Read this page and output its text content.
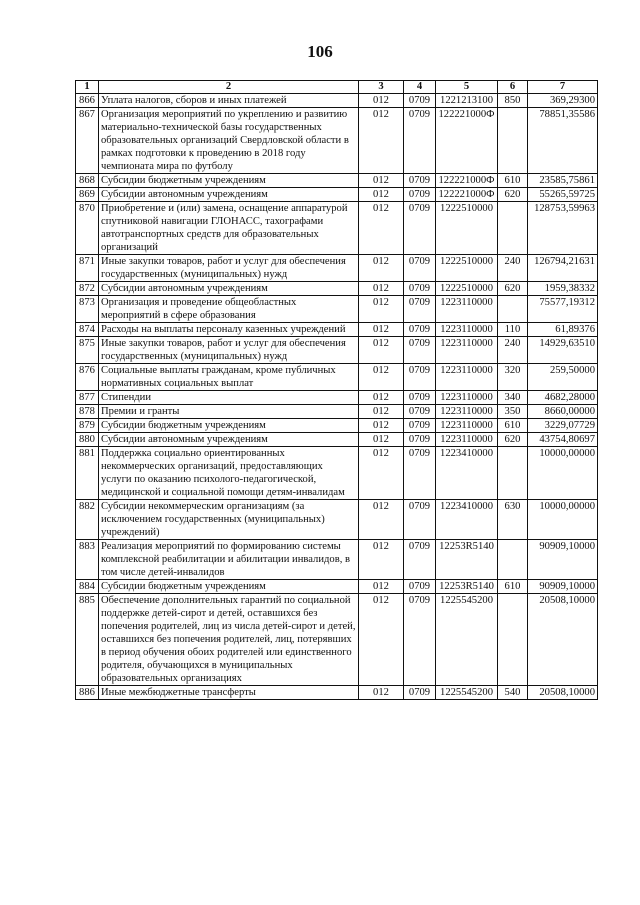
106
1	2	3	4	5	6	7
866	Уплата налогов, сборов и иных платежей	012	0709	1221213100	850	369,29300
867	Организация мероприятий по укреплению и развитию материально-технической базы государственных образовательных организаций Свердловской области в рамках подготовки к проведению в 2018 году чемпионата мира по футболу	012	0709	122221000Ф		78851,35586
868	Субсидии бюджетным учреждениям	012	0709	122221000Ф	610	23585,75861
869	Субсидии автономным учреждениям	012	0709	122221000Ф	620	55265,59725
870	Приобретение и (или) замена, оснащение аппаратурой спутниковой навигации ГЛОНАСС, тахографами автотранспортных средств для образовательных организаций	012	0709	1222510000		128753,59963
871	Иные закупки товаров, работ и услуг для обеспечения государственных (муниципальных) нужд	012	0709	1222510000	240	126794,21631
872	Субсидии автономным учреждениям	012	0709	1222510000	620	1959,38332
873	Организация и проведение общеобластных мероприятий в сфере образования	012	0709	1223110000		75577,19312
874	Расходы на выплаты персоналу казенных учреждений	012	0709	1223110000	110	61,89376
875	Иные закупки товаров, работ и услуг для обеспечения государственных (муниципальных) нужд	012	0709	1223110000	240	14929,63510
876	Социальные выплаты гражданам, кроме публичных нормативных социальных выплат	012	0709	1223110000	320	259,50000
877	Стипендии	012	0709	1223110000	340	4682,28000
878	Премии и гранты	012	0709	1223110000	350	8660,00000
879	Субсидии бюджетным учреждениям	012	0709	1223110000	610	3229,07729
880	Субсидии автономным учреждениям	012	0709	1223110000	620	43754,80697
881	Поддержка социально ориентированных некоммерческих организаций, предоставляющих услуги по оказанию психолого-педагогической, медицинской и социальной помощи детям-инвалидам	012	0709	1223410000		10000,00000
882	Субсидии некоммерческим организациям (за исключением государственных (муниципальных) учреждений)	012	0709	1223410000	630	10000,00000
883	Реализация мероприятий по формированию системы комплексной реабилитации и абилитации инвалидов, в том числе детей-инвалидов	012	0709	12253R5140		90909,10000
884	Субсидии бюджетным учреждениям	012	0709	12253R5140	610	90909,10000
885	Обеспечение дополнительных гарантий по социальной поддержке детей-сирот и детей, оставшихся без попечения родителей, лиц из числа детей-сирот и детей, оставшихся без попечения родителей, лиц, потерявших в период обучения обоих родителей или единственного родителя, обучающихся в муниципальных образовательных организациях	012	0709	1225545200		20508,10000
886	Иные межбюджетные трансферты	012	0709	1225545200	540	20508,10000
